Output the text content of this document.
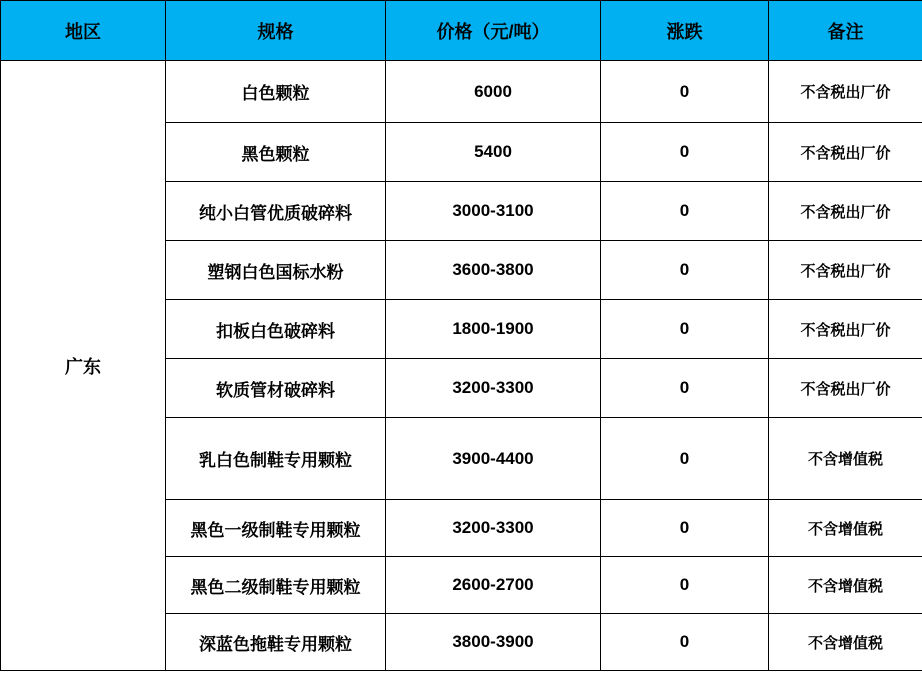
地区	规格	价格（元/吨）	涨跌	备注
广东	白色颗粒	6000	0	不含税出厂价
	黑色颗粒	5400	0	不含税出厂价
	纯小白管优质破碎料	3000-3100	0	不含税出厂价
	塑钢白色国标水粉	3600-3800	0	不含税出厂价
	扣板白色破碎料	1800-1900	0	不含税出厂价
	软质管材破碎料	3200-3300	0	不含税出厂价
	乳白色制鞋专用颗粒	3900-4400	0	不含增值税
	黑色一级制鞋专用颗粒	3200-3300	0	不含增值税
	黑色二级制鞋专用颗粒	2600-2700	0	不含增值税
	深蓝色拖鞋专用颗粒	3800-3900	0	不含增值税
